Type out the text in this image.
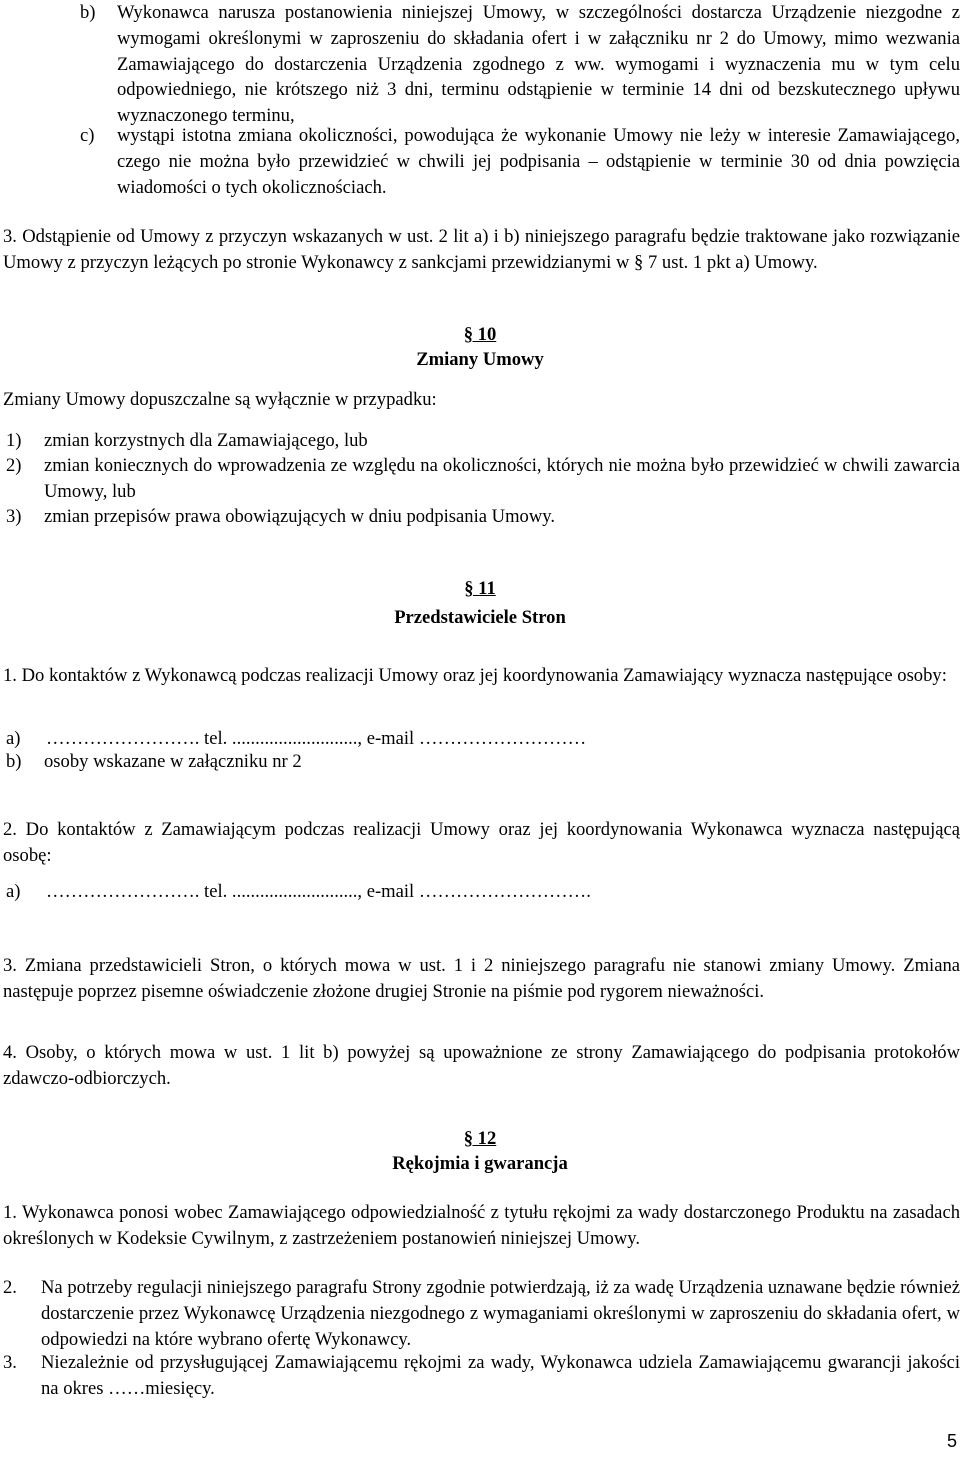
b)	Wykonawca narusza postanowienia niniejszej Umowy, w szczególności dostarcza Urządzenie niezgodne z wymogami określonymi w zaproszeniu do składania ofert i w załączniku nr 2 do Umowy, mimo wezwania Zamawiającego do dostarczenia Urządzenia zgodnego z ww. wymogami i wyznaczenia mu w tym celu odpowiedniego, nie krótszego niż 3 dni, terminu odstąpienie w terminie 14 dni od bezskutecznego upływu wyznaczonego terminu,
c)	wystąpi istotna zmiana okoliczności, powodująca że wykonanie Umowy nie leży w interesie Zamawiającego, czego nie można było przewidzieć w chwili jej podpisania – odstąpienie w terminie 30 od dnia powzięcia wiadomości o tych okolicznościach.
3. Odstąpienie od Umowy z przyczyn wskazanych w ust. 2 lit a) i b) niniejszego paragrafu będzie traktowane jako rozwiązanie Umowy z przyczyn leżących po stronie Wykonawcy z sankcjami przewidzianymi w § 7 ust. 1 pkt a) Umowy.
§ 10
Zmiany Umowy
Zmiany Umowy dopuszczalne są wyłącznie w przypadku:
1)	zmian korzystnych dla Zamawiającego, lub
2)	zmian koniecznych do wprowadzenia ze względu na okoliczności, których nie można było przewidzieć w chwili zawarcia Umowy, lub
3)	zmian przepisów prawa obowiązujących w dniu podpisania Umowy.
§ 11
Przedstawiciele Stron
1. Do kontaktów z Wykonawcą podczas realizacji Umowy oraz jej koordynowania Zamawiający wyznacza następujące osoby:
a)	……………………. tel. ..........................., e-mail ………………………
b)	osoby wskazane w załączniku nr 2
2. Do kontaktów z Zamawiającym podczas realizacji Umowy oraz jej koordynowania Wykonawca wyznacza następującą osobę:
a)	……………………. tel. ..........................., e-mail ……………………….
3. Zmiana przedstawicieli Stron, o których mowa w ust. 1 i 2 niniejszego paragrafu nie stanowi zmiany Umowy. Zmiana następuje poprzez pisemne oświadczenie złożone drugiej Stronie na piśmie pod rygorem nieważności.
4. Osoby, o których mowa w ust. 1 lit b) powyżej są upoważnione ze strony Zamawiającego do podpisania protokołów zdawczo-odbiorczych.
§ 12
Rękojmia i gwarancja
1. Wykonawca ponosi wobec Zamawiającego odpowiedzialność z tytułu rękojmi za wady dostarczonego Produktu na zasadach określonych w Kodeksie Cywilnym, z zastrzeżeniem postanowień niniejszej Umowy.
2.	Na potrzeby regulacji niniejszego paragrafu Strony zgodnie potwierdzają, iż za wadę Urządzenia uznawane będzie również dostarczenie przez Wykonawcę Urządzenia niezgodnego z wymaganiami określonymi w zaproszeniu do składania ofert, w odpowiedzi na które wybrano ofertę Wykonawcy.
3.	Niezależnie od przysługującej Zamawiającemu rękojmi za wady, Wykonawca udziela Zamawiającemu gwarancji jakości na okres ……miesięcy.
5
